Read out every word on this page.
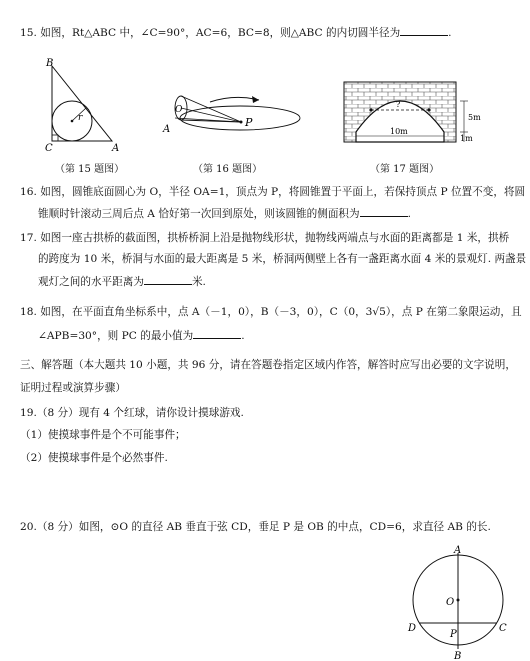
15. 如图，Rt△ABC 中，∠C=90°，AC=6，BC=8，则△ABC 的内切圆半径为	.
B
C	A
r
（第 15 题图）
O
A
P
（第 16 题图）
?
10m
5m
1m
（第 17 题图）
16. 如图，圆锥底面圆心为 O，半径 OA=1，顶点为 P，将圆锥置于平面上，若保持顶点 P 位置不变，将圆
锥顺时针滚动三周后点 A 恰好第一次回到原处，则该圆锥的侧面积为	.
17. 如图一座古拱桥的截面图，拱桥桥洞上沿是抛物线形状，抛物线两端点与水面的距离都是 1 米，拱桥
的跨度为 10 米，桥洞与水面的最大距离是 5 米，桥洞两侧壁上各有一盏距离水面 4 米的景观灯. 两盏景
观灯之间的水平距离为	米.
18. 如图，在平面直角坐标系中，点 A（－1，0），B（－3，0），C（0，3√5），点 P 在第二象限运动，且
∠APB=30°，则 PC 的最小值为	.
三、解答题（本大题共 10 小题，共 96 分，请在答题卷指定区域内作答，解答时应写出必要的文字说明，
证明过程或演算步骤）
19.（8 分）现有 4 个红球，请你设计摸球游戏.
（1）使摸球事件是个不可能事件；
（2）使摸球事件是个必然事件.
20.（8 分）如图，⊙O 的直径 AB 垂直于弦 CD，垂足 P 是 OB 的中点，CD=6，求直径 AB 的长.
A
O
D
P
C
B
